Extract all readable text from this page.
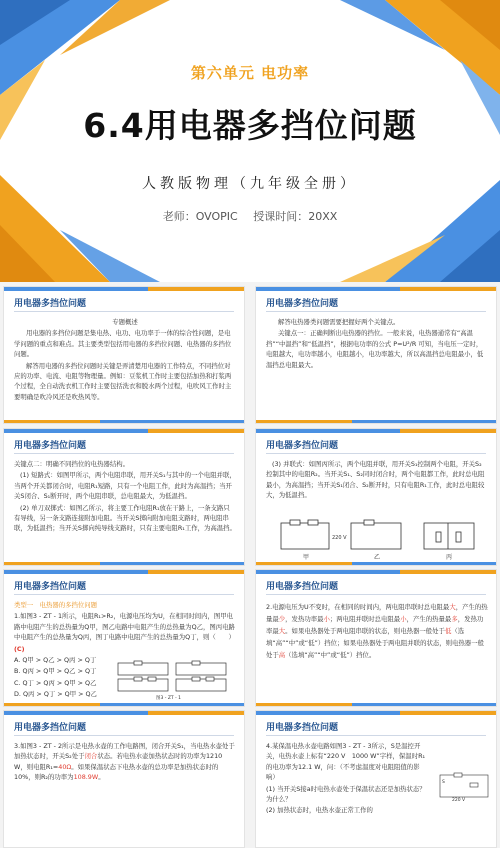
第六单元 电功率
6.4用电器多挡位问题
人教版物理（九年级全册）
老师：OVOPIC 授课时间：20XX
用电器多挡位问题

专题概述

用电器的多挡位问题是集电热、电功、电功率于一体的综合性问题，是电学问题的重点和难点。其主要类型包括用电器的多挡位问题、电热器的多挡位问题。

解答用电器的多挡位问题时关键是弄清楚用电器的工作特点，不同挡位对应的功率、电流、电阻等物理量。例如：豆浆机工作时主要包括加热和打浆两个过程，全自动洗衣机工作时主要包括洗衣和脱水两个过程，电吹风工作时主要明确是吹冷风还是吹热风等。

用电器多挡位问题

解答电热器类问题需要把握好两个关键点。

关键点一：正确判断出电热器的挡位。一般来说，电热器通常有“高温挡”“中温挡”和“低温挡”，根据电功率的公式 P=U²/R 可知，当电压一定时，电阻越大，电功率越小，电阻越小，电功率越大，所以高温挡总电阻最小，低温挡总电阻最大。

用电器多挡位问题

关键点二：明确不同挡位的电热器结构。

(1) 短路式：如图甲所示，两个电阻串联，用开关S₁与其中的一个电阻并联，当两个开关都闭合时，电阻R₁短路，只有一个电阻工作，此时为高温挡；当开关S闭合、S₁断开时，两个电阻串联，总电阻最大，为低温挡。

(2) 单刀双掷式：如图乙所示，将主要工作电阻R₁放在干路上，一条支路只有导线，另一条支路连接附加电阻。当开关S掷向附加电阻支路时，两电阻串联，为低温挡；当开关S掷向纯导线支路时，只有主要电阻R₁工作，为高温挡。

用电器多挡位问题

(3) 并联式：如图丙所示，两个电阻并联，用开关S₁控制两个电阻，开关S₂控制其中的电阻R₂。当开关S₁、S₂同时闭合时，两个电阻都工作，此时总电阻最小，为高温挡；当开关S₁闭合、S₂断开时，只有电阻R₁工作，此时总电阻较大，为低温挡。

220 V
甲	乙	丙
用电器多挡位问题

类型一　电热器的多挡位问题

1.如图3 - ZT - 1所示，电阻R₁>R₂，电源电压均为U，在相同时间内，图甲电路中电阻产生的总热量为Q甲，图乙电路中电阻产生的总热量为Q乙，图丙电路中电阻产生的总热量为Q丙，图丁电路中电阻产生的总热量为Q丁，则（　　）

(C)

A. Q甲 > Q乙 > Q丙 > Q丁

B. Q丙 > Q甲 > Q乙 > Q丁

C. Q丁 > Q丙 > Q甲 > Q乙

D. Q丙 > Q丁 > Q甲 > Q乙

图3 - ZT - 1
用电器多挡位问题

2.电源电压为U不变时，在相同的时间内，两电阻串联时总电阻最大，产生的热量最少，发热功率最小；两电阻并联时总电阻最小，产生的热量最多，发热功率最大。如果电热器处于两电阻串联的状态，则电热器一般处于低（选填“高”“中”或“低”）挡位；如果电热器处于两电阻并联的状态，则电热器一般处于高（选填“高”“中”或“低”）挡位。

用电器多挡位问题

3.如图3 - ZT - 2所示是电热水壶的工作电路图，闭合开关S₁，当电热水壶处于加热状态时，开关S₂处于闭合状态。若电热水壶加热状态时的功率为1210 W，则电阻R₁=40Ω。如果保温状态下电热水壶的总功率是加热状态时的10%，则R₂的功率为108.9W。

用电器多挡位问题

4.某保温电热水壶电路如图3 - ZT - 3所示，S是温控开关，电热水壶上标有“220 V　1000 W”字样，保温时R₁的电功率为12.1 W，问：（不考虑温度对电阻阻值的影响）

(1) 当开关S接a时电热水壶处于保温状态还是加热状态？为什么？

(2) 加热状态时，电热水壶正常工作的

220 V
S
